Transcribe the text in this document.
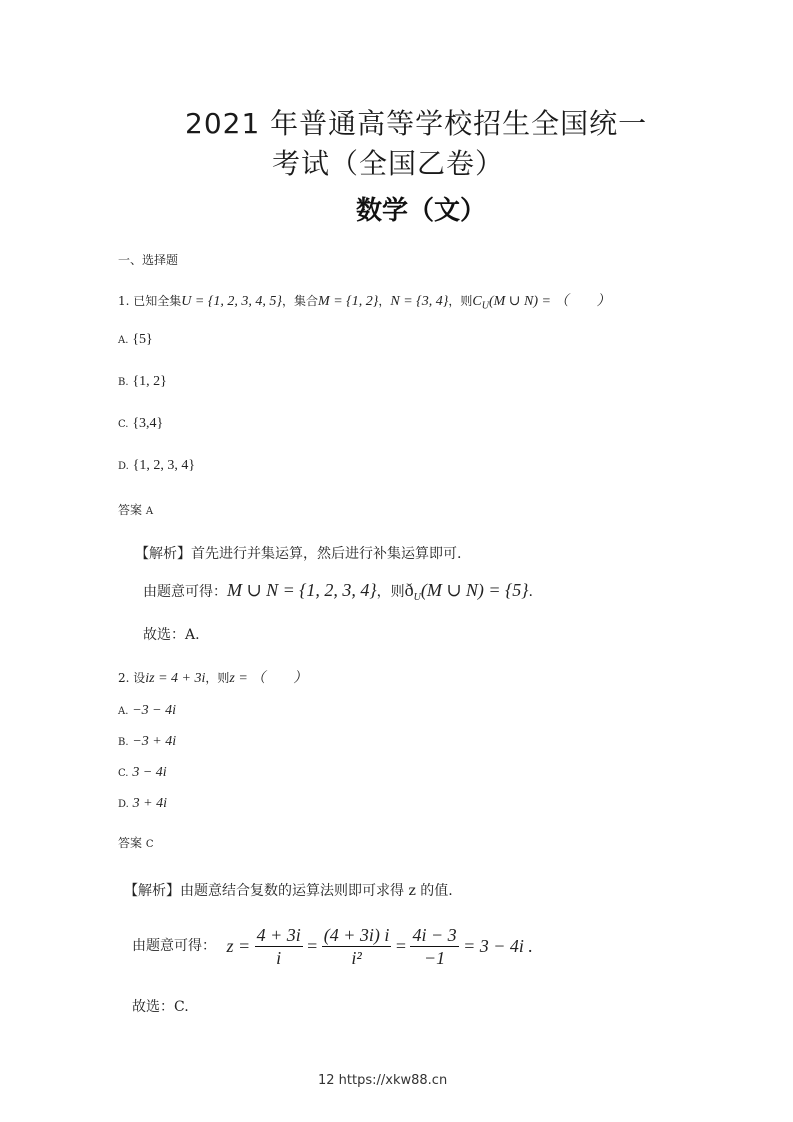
2021 年普通高等学校招生全国统一
考试（全国乙卷）
数学（文）
一、选择题
1. 已知全集U = {1, 2, 3, 4, 5}，集合M = {1, 2}，N = {3, 4}，则$C_U(M$ ∪ N) = （　　）
A. {5}
B. {1, 2}
C. {3,4}
D. {1, 2, 3, 4}
答案 A
【解析】首先进行并集运算，然后进行补集运算即可.
由题意可得：M ∪ N = {1, 2, 3, 4}，则$ð_U(M$ ∪ N) = {5}.
故选：A.
2. 设iz = 4 + 3i，则z = （　　）
A. −3 − 4i
B. −3 + 4i
C. 3 − 4i
D. 3 + 4i
答案 C
【解析】由题意结合复数的运算法则即可求得 z 的值.
由题意可得： $z = \frac{4 + 3i}{i} = \frac{(4 + 3i) i}{\text{i²}} = \frac{4i - 3}{-1} = 3 - 4i$ .
故选：C.
12 https://xkw88.cn
